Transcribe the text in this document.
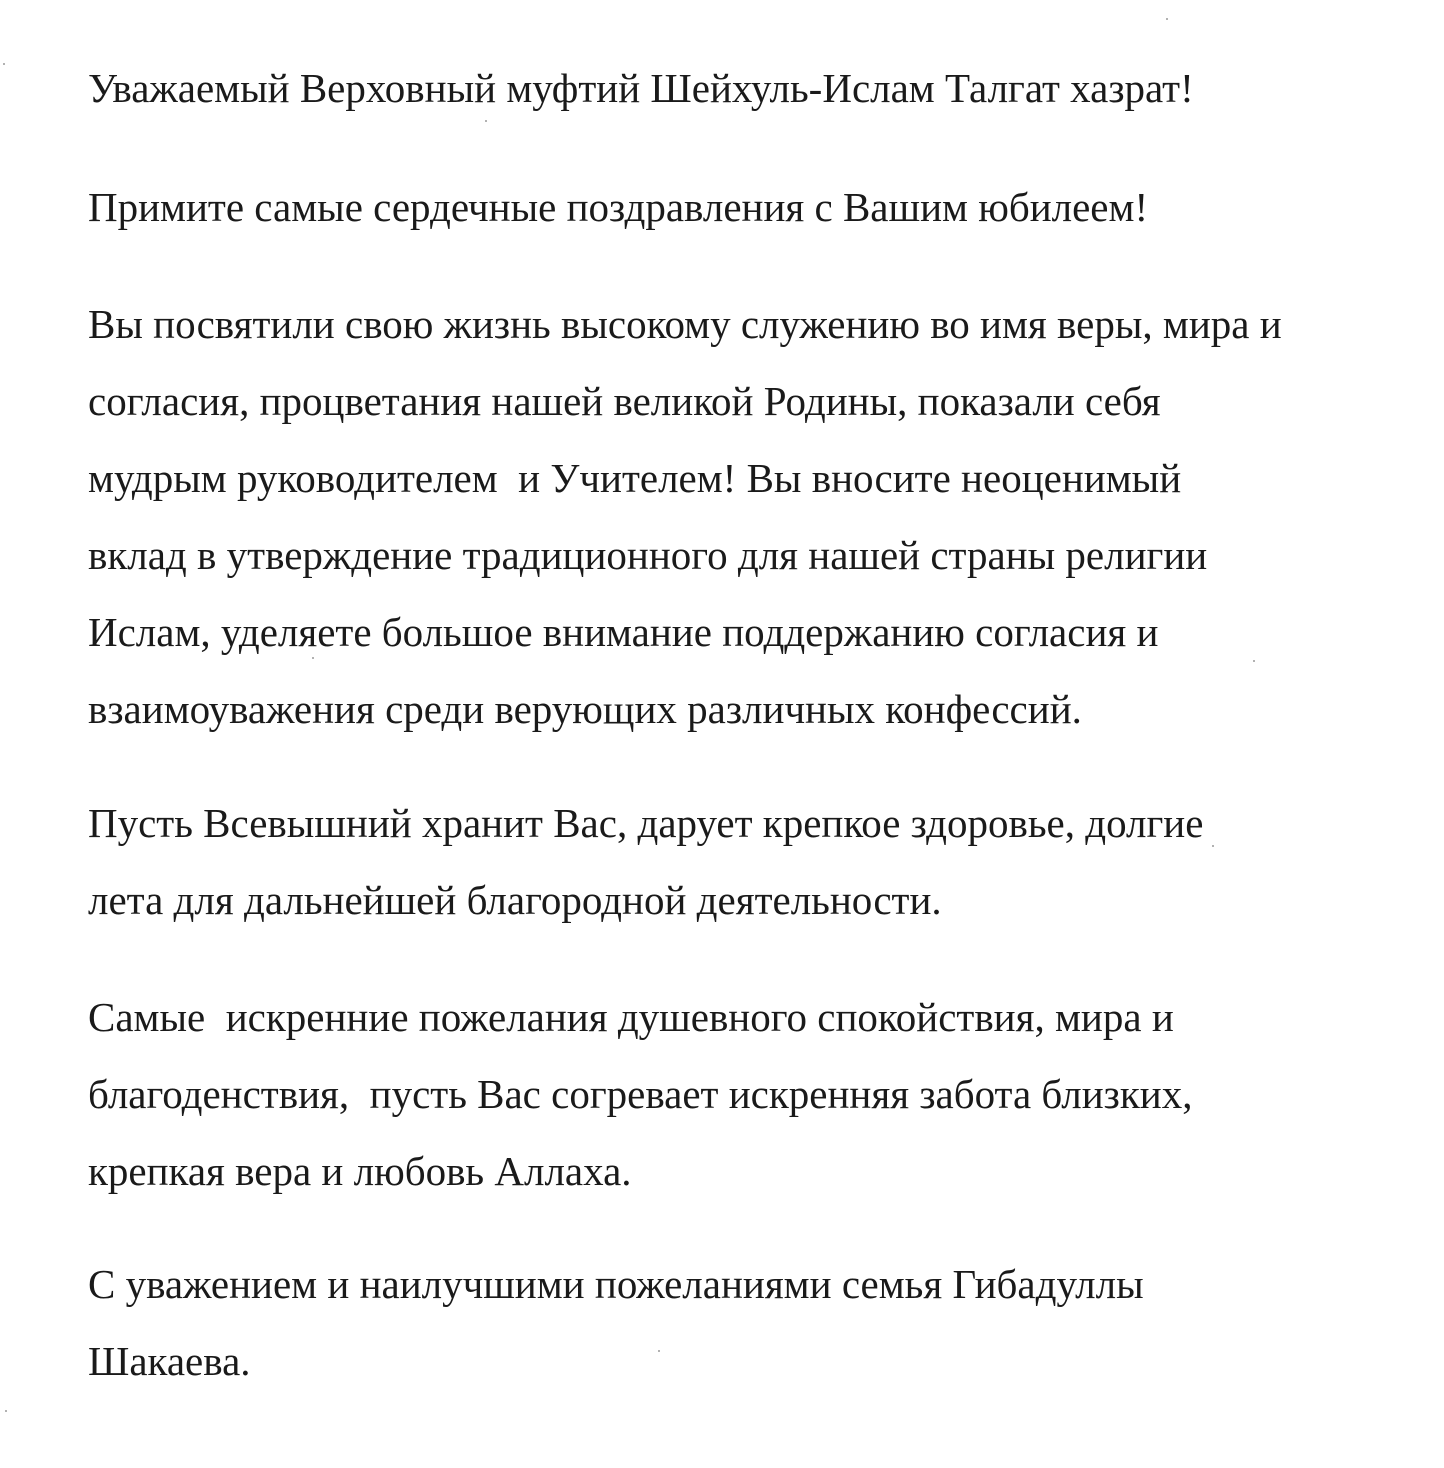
Уважаемый Верховный муфтий Шейхуль-Ислам Талгат хазрат!
Примите самые сердечные поздравления с Вашим юбилеем!
Вы посвятили свою жизнь высокому служению во имя веры, мира и
согласия, процветания нашей великой Родины, показали себя
мудрым руководителем  и Учителем! Вы вносите неоценимый
вклад в утверждение традиционного для нашей страны религии
Ислам, уделяете большое внимание поддержанию согласия и
взаимоуважения среди верующих различных конфессий.
Пусть Всевышний хранит Вас, дарует крепкое здоровье, долгие
лета для дальнейшей благородной деятельности.
Самые  искренние пожелания душевного спокойствия, мира и
благоденствия,  пусть Вас согревает искренняя забота близких,
крепкая вера и любовь Аллаха.
С уважением и наилучшими пожеланиями семья Гибадуллы
Шакаева.
